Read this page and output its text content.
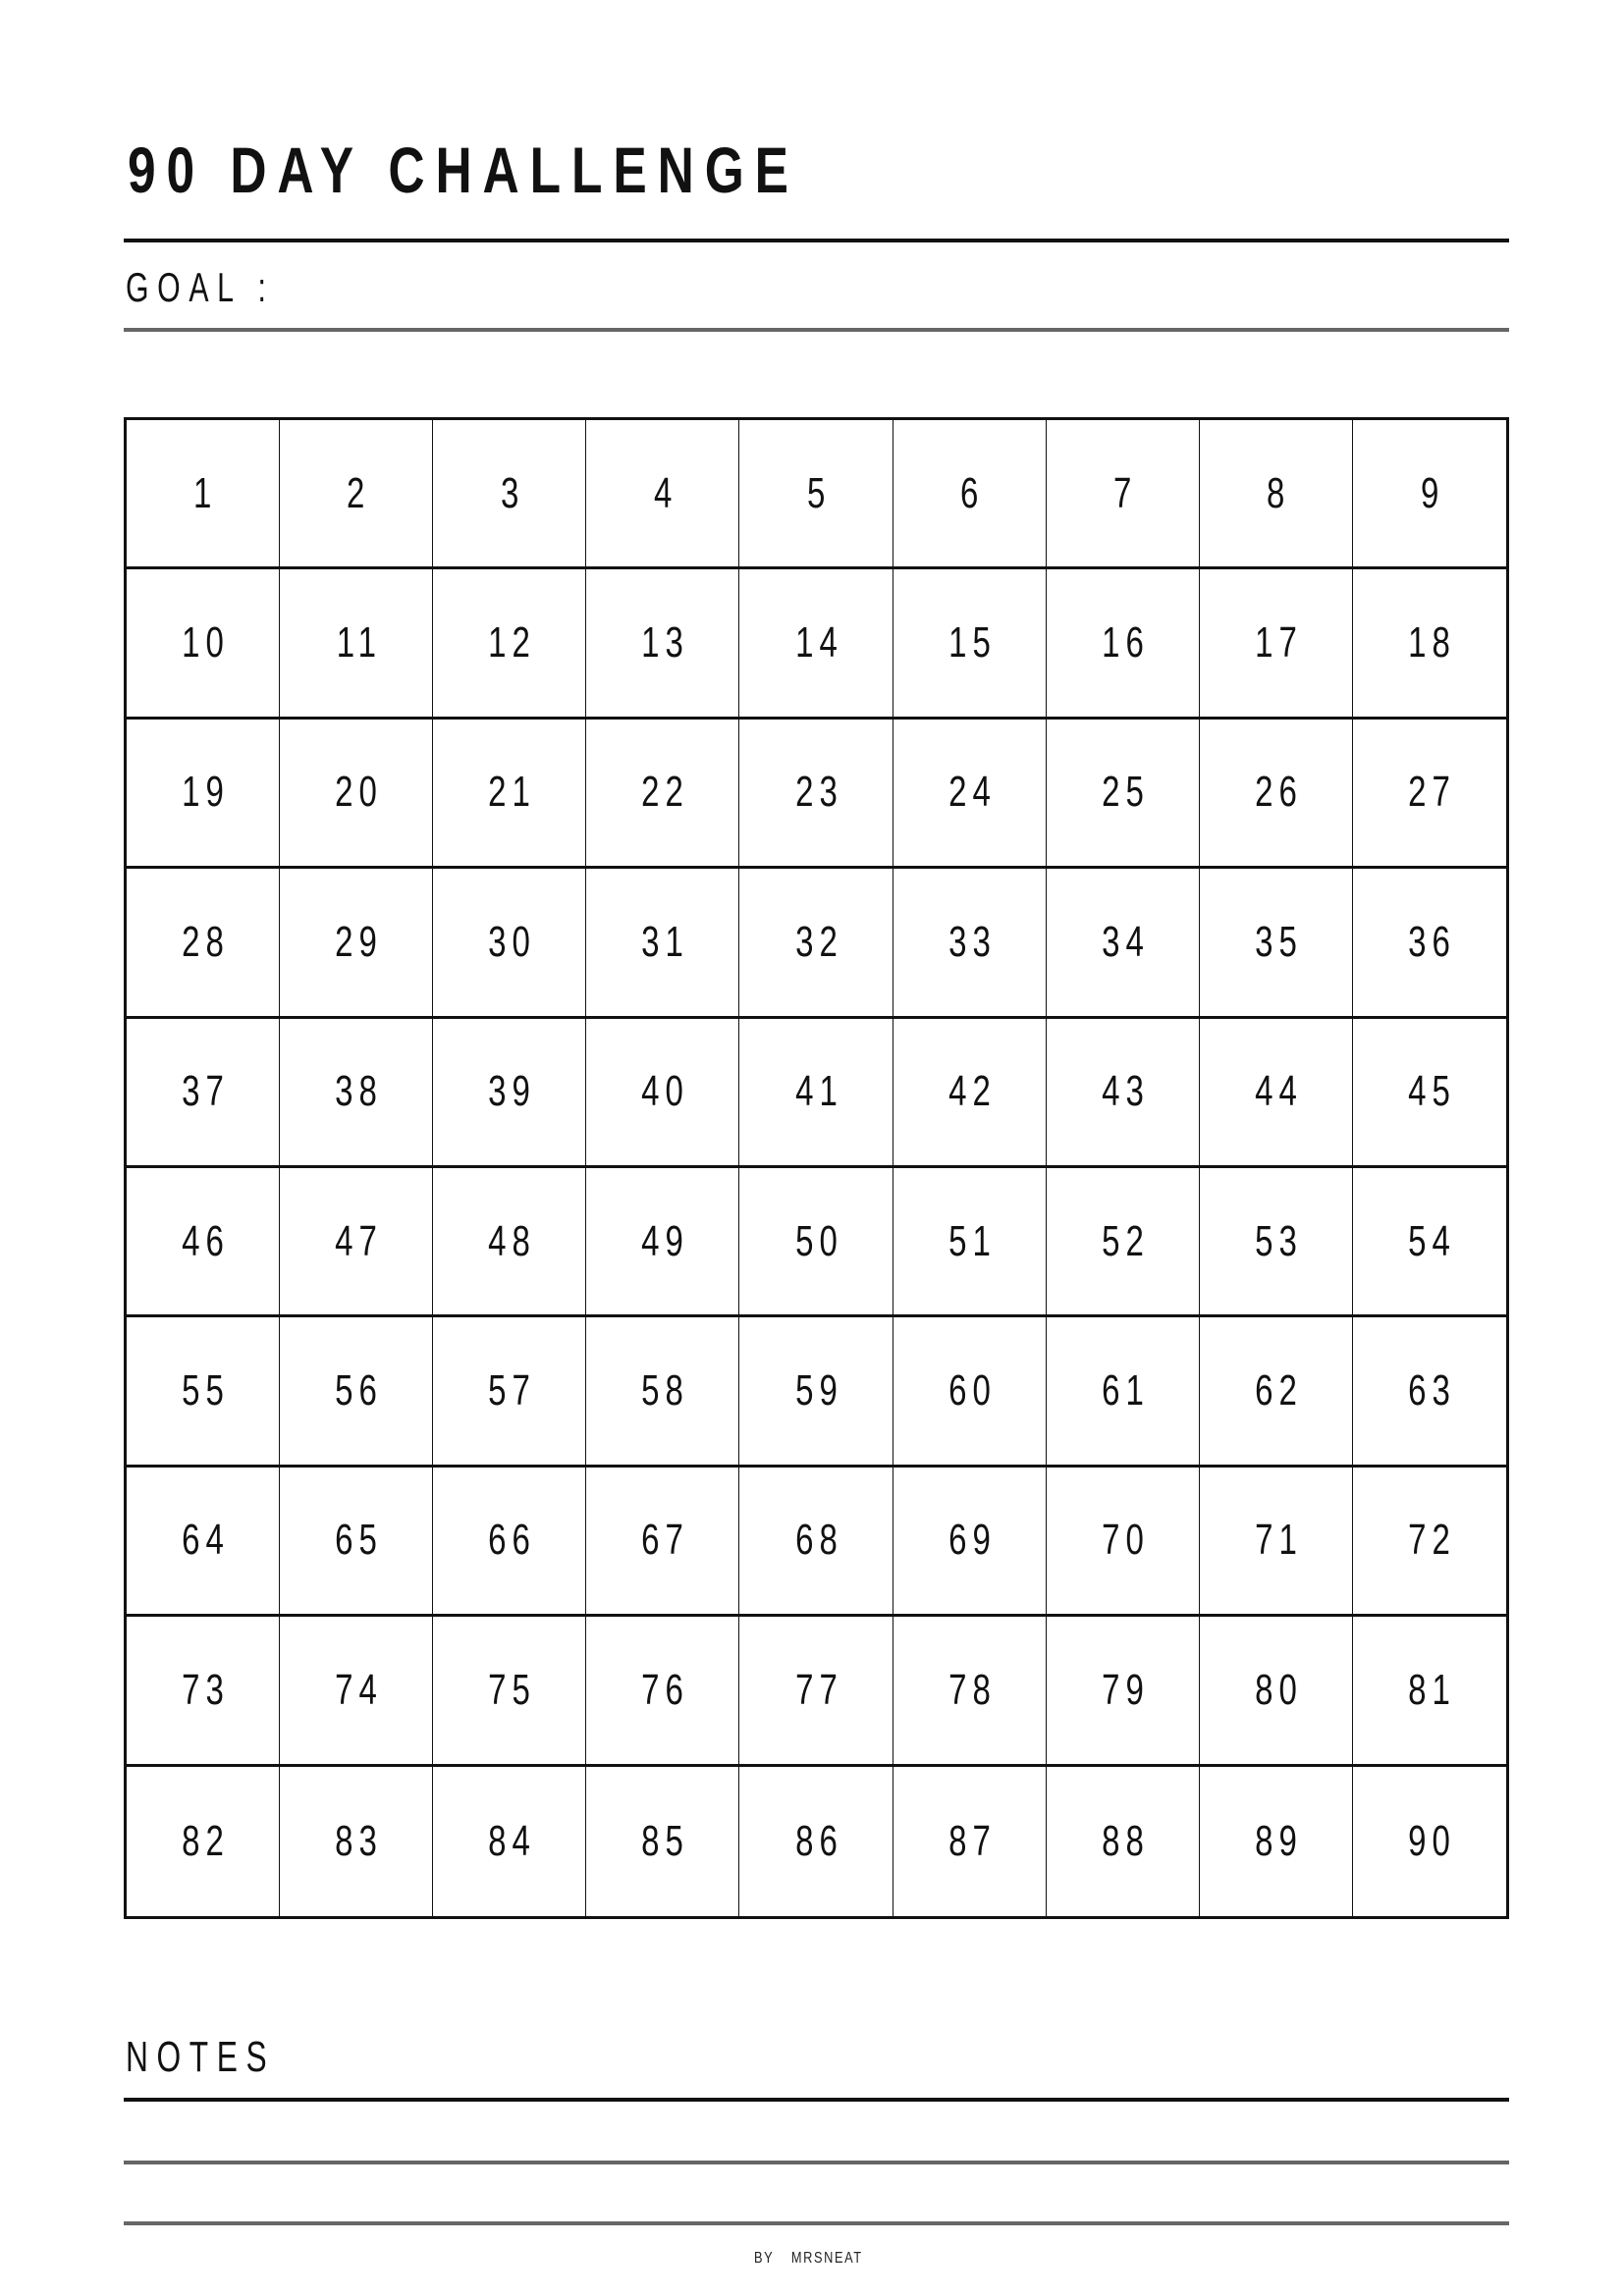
90 DAY CHALLENGE
GOAL :
1	2	3	4	5	6	7	8	9
10 11 12 13 14 15 16 17 18
19 20 21 22 23 24 25 26 27
28 29 30 31 32 33 34 35 36
37 38 39 40 41 42 43 44 45
46 47 48 49 50 51 52 53 54
55 56 57 58 59 60 61 62 63
64 65 66 67 68 69 70 71 72
73 74 75 76 77 78 79 80 81
82 83 84 85 86 87 88 89 90
NOTES
BY MRSNEAT
